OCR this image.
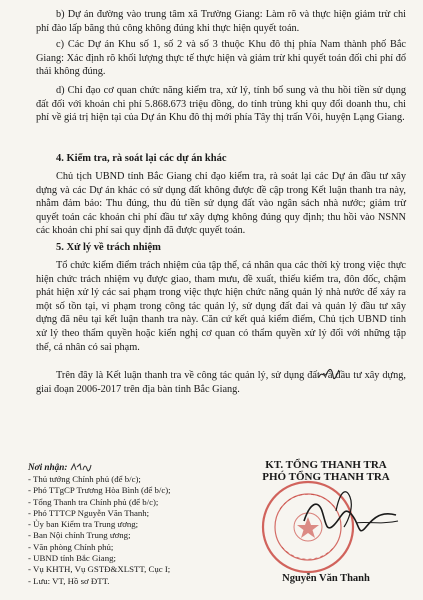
b) Dự án đường vào trung tâm xã Trường Giang: Làm rõ và thực hiện giảm trừ chi phí đào lấp băng thủ công không đúng khi thực hiện quyết toán.

c) Các Dự án Khu số 1, số 2 và số 3 thuộc Khu đô thị phía Nam thành phố Bắc Giang: Xác định rõ khối lượng thực tế thực hiện và giảm trừ khi quyết toán đối chi phí đổ thải không đúng.

d) Chỉ đạo cơ quan chức năng kiểm tra, xử lý, tính bổ sung và thu hồi tiền sử dụng đất đối với khoản chi phí 5.868.673 triệu đồng, do tính trùng khi quy đổi doanh thu, chi phí về giá trị hiện tại của Dự án Khu đô thị mới phía Tây thị trấn Vôi, huyện Lạng Giang.

4. Kiểm tra, rà soát lại các dự án khác

Chủ tịch UBND tỉnh Bắc Giang chỉ đạo kiểm tra, rà soát lại các Dự án đầu tư xây dựng và các Dự án khác có sử dụng đất không được đề cập trong Kết luận thanh tra này, nhằm đảm bảo: Thu đúng, thu đủ tiền sử dụng đất vào ngân sách nhà nước; giảm trừ quyết toán các khoản chi phí đầu tư xây dựng không đúng quy định; thu hồi vào NSNN các khoản chi phí sai quy định đã được quyết toán.

5. Xử lý về trách nhiệm

Tổ chức kiểm điểm trách nhiệm của tập thể, cá nhân qua các thời kỳ trong việc thực hiện chức trách nhiệm vụ được giao, tham mưu, đề xuất, thiếu kiểm tra, đôn đốc, chậm phát hiện xử lý các sai phạm trong việc thực hiện chức năng quản lý nhà nước để xảy ra một số tồn tại, vi phạm trong công tác quản lý, sử dụng đất đai và quản lý đầu tư xây dựng đã nêu tại kết luận thanh tra này. Căn cứ kết quả kiểm điểm, Chủ tịch UBND tỉnh xử lý theo thẩm quyền hoặc kiến nghị cơ quan có thẩm quyền xử lý đối với những tập thể, cá nhân có sai phạm.

Trên đây là Kết luận thanh tra về công tác quản lý, sử dụng đất và đầu tư xây dựng, giai đoạn 2006-2017 trên địa bàn tỉnh Bắc Giang.

Nơi nhận:

- Thủ tướng Chính phủ (để b/c);
- Phó TTgCP Trương Hòa Bình (để b/c);
- Tổng Thanh tra Chính phủ (để b/c);
- Phó TTTCP Nguyễn Văn Thanh;
- Ủy ban Kiểm tra Trung ương;
- Ban Nội chính Trung ương;
- Văn phòng Chính phủ;
- UBND tỉnh Bắc Giang;
- Vụ KHTH, Vụ GSTĐ&XLSTT, Cục I;
- Lưu: VT, Hồ sơ ĐTT.

KT. TỔNG THANH TRA

PHÓ TỔNG THANH TRA

Nguyễn Văn Thanh
